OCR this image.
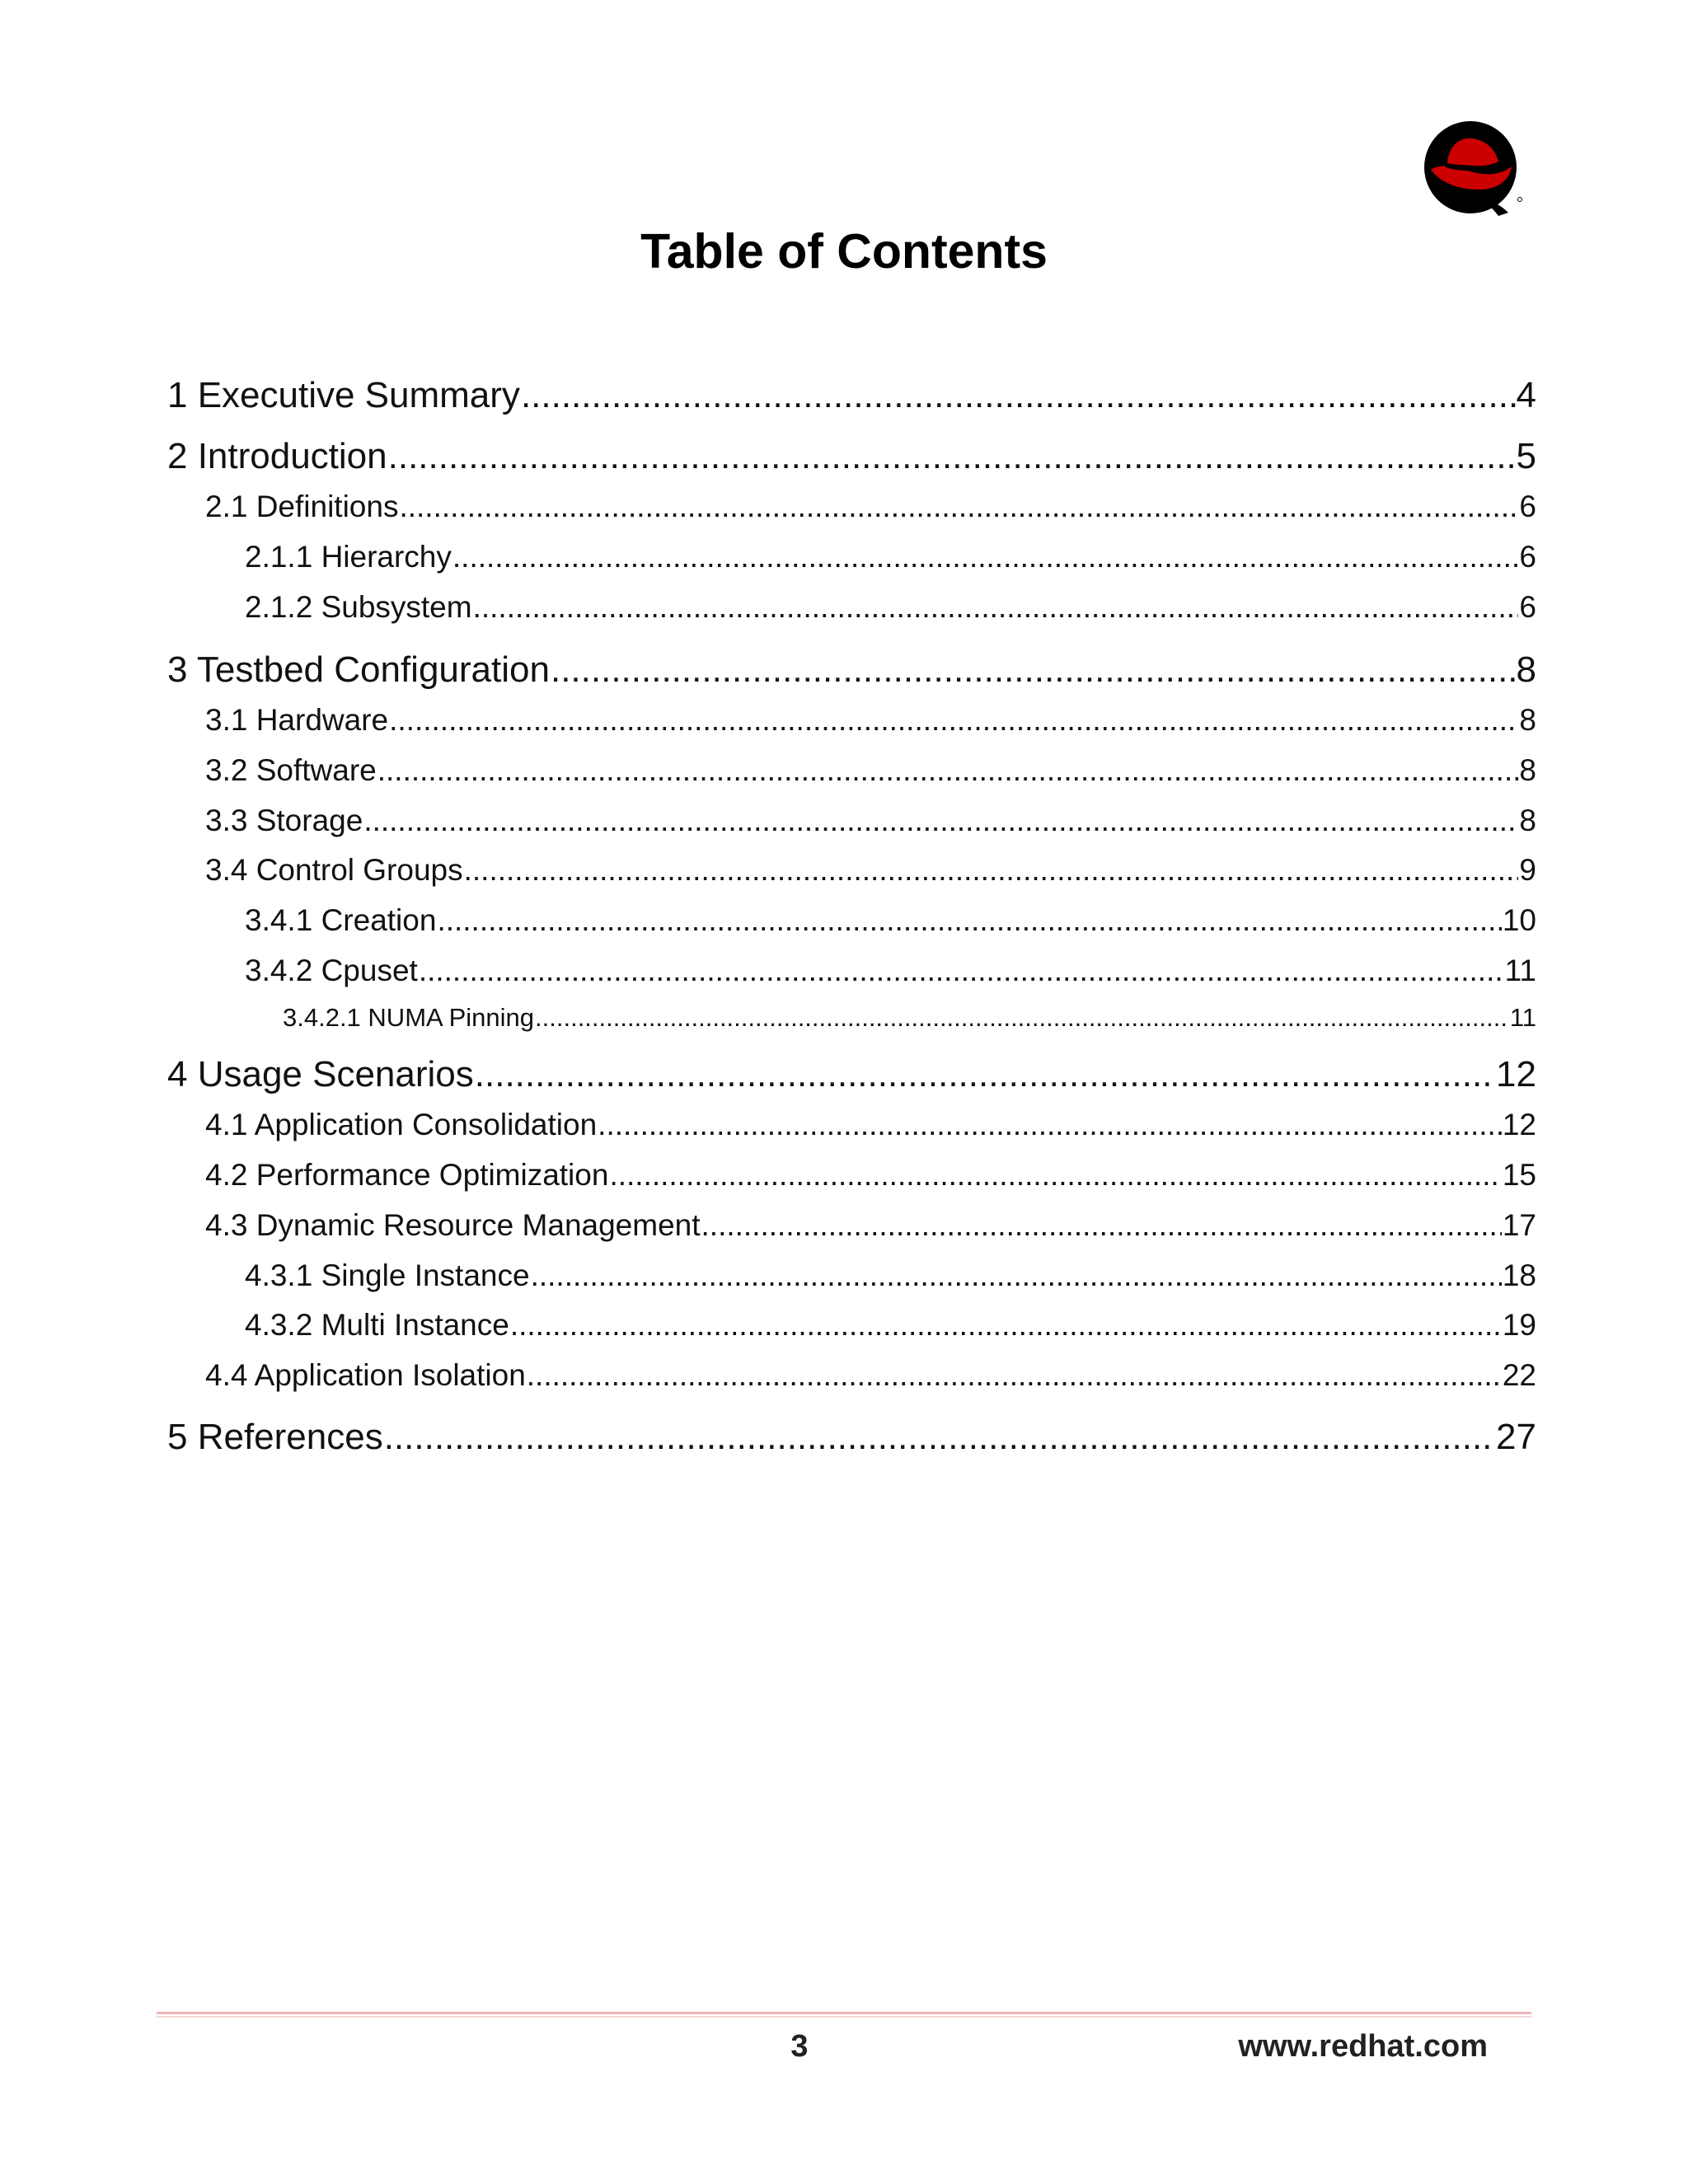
Table of Contents
1 Executive Summary .....	4
2 Introduction .....	5
2.1 Definitions .....	6
2.1.1 Hierarchy .....	6
2.1.2 Subsystem .....	6
3 Testbed Configuration .....	8
3.1 Hardware .....	8
3.2 Software .....	8
3.3 Storage .....	8
3.4 Control Groups .....	9
3.4.1 Creation .....	10
3.4.2 Cpuset .....	11
3.4.2.1 NUMA Pinning .....	11
4 Usage Scenarios .....	12
4.1 Application Consolidation .....	12
4.2 Performance Optimization .....	15
4.3 Dynamic Resource Management .....	17
4.3.1 Single Instance .....	18
4.3.2 Multi Instance .....	19
4.4 Application Isolation .....	22
5 References .....	27
3	www.redhat.com
